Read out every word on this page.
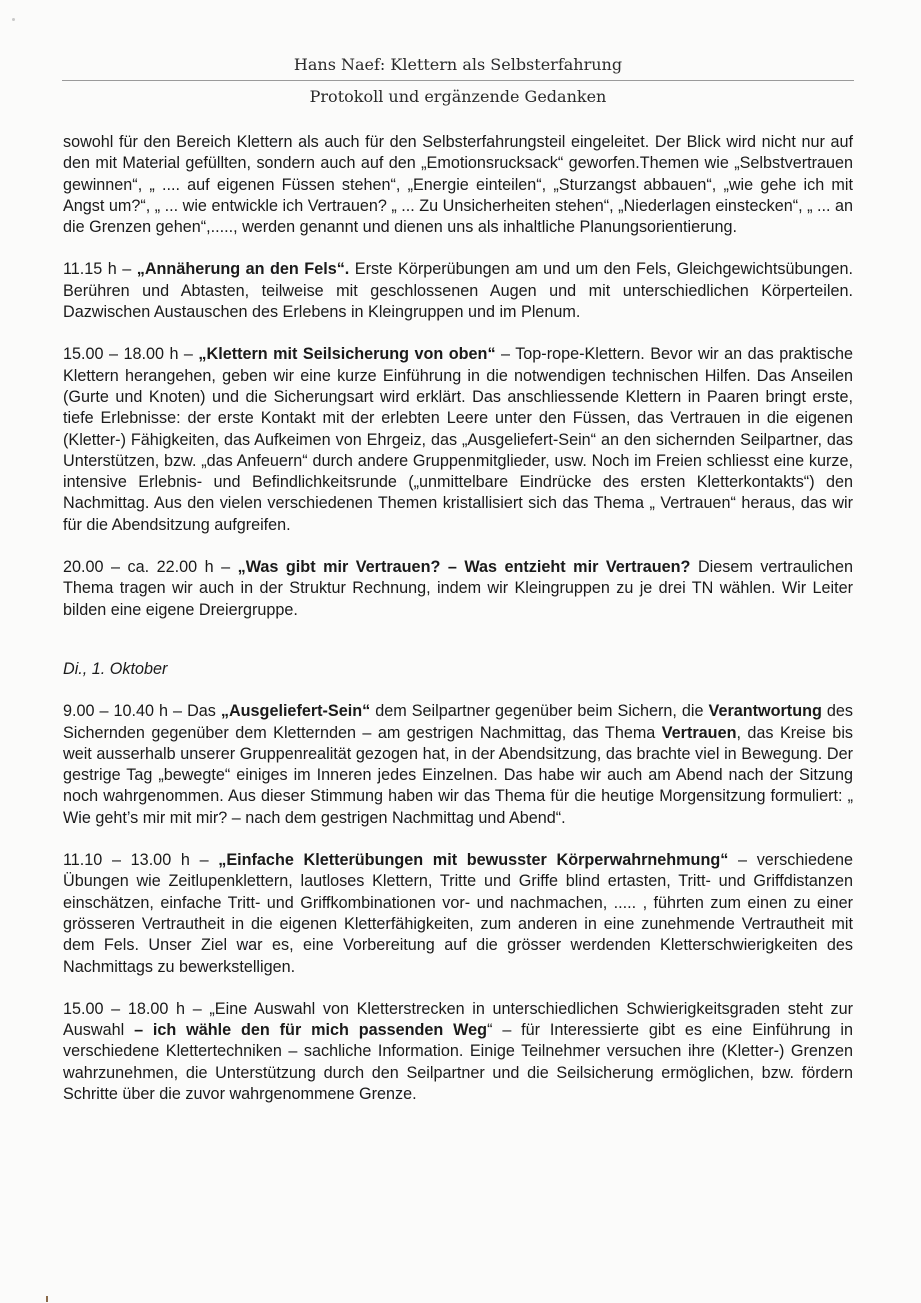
Hans Naef: Klettern als Selbsterfahrung
Protokoll und ergänzende Gedanken

sowohl für den Bereich Klettern als auch für den Selbsterfahrungsteil eingeleitet. Der Blick wird nicht nur auf den mit Material gefüllten, sondern auch auf den „Emotionsrucksack“ geworfen.Themen wie „Selbstvertrauen gewinnen“, „ .... auf eigenen Füssen stehen“, „Energie einteilen“, „Sturzangst abbauen“, „wie gehe ich mit Angst um?“, „ ... wie entwickle ich Vertrauen? „ ... Zu Unsicherheiten stehen“, „Niederlagen einstecken“, „ ... an die Grenzen gehen“,....., werden genannt und dienen uns als inhaltliche Planungsorientierung.

11.15 h – „Annäherung an den Fels“. Erste Körperübungen am und um den Fels, Gleichgewichtsübungen. Berühren und Abtasten, teilweise mit geschlossenen Augen und mit unterschiedlichen Körperteilen. Dazwischen Austauschen des Erlebens in Kleingruppen und im Plenum.

15.00 – 18.00 h – „Klettern mit Seilsicherung von oben“ – Top-rope-Klettern. Bevor wir an das praktische Klettern herangehen, geben wir eine kurze Einführung in die notwendigen technischen Hilfen. Das Anseilen (Gurte und Knoten) und die Sicherungsart wird erklärt. Das anschliessende Klettern in Paaren bringt erste, tiefe Erlebnisse: der erste Kontakt mit der erlebten Leere unter den Füssen, das Vertrauen in die eigenen (Kletter-) Fähigkeiten, das Aufkeimen von Ehrgeiz, das „Ausgeliefert-Sein“ an den sichernden Seilpartner, das Unterstützen, bzw. „das Anfeuern“ durch andere Gruppenmitglieder, usw. Noch im Freien schliesst eine kurze, intensive Erlebnis- und Befindlichkeitsrunde („unmittelbare Eindrücke des ersten Kletterkontakts“) den Nachmittag. Aus den vielen verschiedenen Themen kristallisiert sich das Thema „ Vertrauen“ heraus, das wir für die Abendsitzung aufgreifen.

20.00 – ca. 22.00 h – „Was gibt mir Vertrauen? – Was entzieht mir Vertrauen? Diesem vertraulichen Thema tragen wir auch in der Struktur Rechnung, indem wir Kleingruppen zu je drei TN wählen. Wir Leiter bilden eine eigene Dreiergruppe.

Di., 1. Oktober

9.00 – 10.40 h – Das „Ausgeliefert-Sein“ dem Seilpartner gegenüber beim Sichern, die Verantwortung des Sichernden gegenüber dem Kletternden – am gestrigen Nachmittag, das Thema Vertrauen, das Kreise bis weit ausserhalb unserer Gruppenrealität gezogen hat, in der Abendsitzung, das brachte viel in Bewegung. Der gestrige Tag „bewegte“ einiges im Inneren jedes Einzelnen. Das habe wir auch am Abend nach der Sitzung noch wahrgenommen. Aus dieser Stimmung haben wir das Thema für die heutige Morgensitzung formuliert: „ Wie geht’s mir mit mir? – nach dem gestrigen Nachmittag und Abend“.

11.10 – 13.00 h – „Einfache Kletterübungen mit bewusster Körperwahrnehmung“ – verschiedene Übungen wie Zeitlupenklettern, lautloses Klettern, Tritte und Griffe blind ertasten, Tritt- und Griffdistanzen einschätzen, einfache Tritt- und Griffkombinationen vor- und nachmachen, ..... , führten zum einen zu einer grösseren Vertrautheit in die eigenen Kletterfähigkeiten, zum anderen in eine zunehmende Vertrautheit mit dem Fels. Unser Ziel war es, eine Vorbereitung auf die grösser werdenden Kletterschwierigkeiten des Nachmittags zu bewerkstelligen.

15.00 – 18.00 h – „Eine Auswahl von Kletterstrecken in unterschiedlichen Schwierigkeitsgraden steht zur Auswahl – ich wähle den für mich passenden Weg“ – für Interessierte gibt es eine Einführung in verschiedene Klettertechniken – sachliche Information. Einige Teilnehmer versuchen ihre (Kletter-) Grenzen wahrzunehmen, die Unterstützung durch den Seilpartner und die Seilsicherung ermöglichen, bzw. fördern Schritte über die zuvor wahrgenommene Grenze.
